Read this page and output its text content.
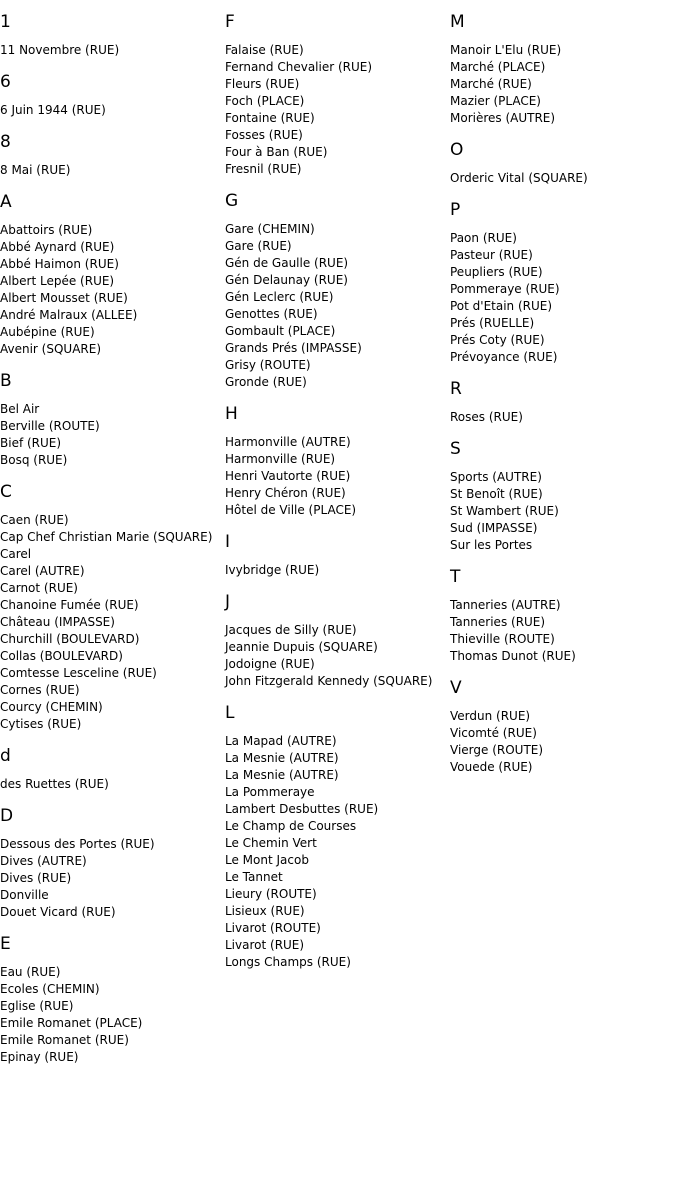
1
11 Novembre (RUE)
6
6 Juin 1944 (RUE)
8
8 Mai (RUE)
A
Abattoirs (RUE)
Abbé Aynard (RUE)
Abbé Haimon (RUE)
Albert Lepée (RUE)
Albert Mousset (RUE)
André Malraux (ALLEE)
Aubépine (RUE)
Avenir (SQUARE)
B
Bel Air
Berville (ROUTE)
Bief (RUE)
Bosq (RUE)
C
Caen (RUE)
Cap Chef Christian Marie (SQUARE)
Carel
Carel (AUTRE)
Carnot (RUE)
Chanoine Fumée (RUE)
Château (IMPASSE)
Churchill (BOULEVARD)
Collas (BOULEVARD)
Comtesse Lesceline (RUE)
Cornes (RUE)
Courcy (CHEMIN)
Cytises (RUE)
d
des Ruettes (RUE)
D
Dessous des Portes (RUE)
Dives (AUTRE)
Dives (RUE)
Donville
Douet Vicard (RUE)
E
Eau (RUE)
Ecoles (CHEMIN)
Eglise (RUE)
Emile Romanet (PLACE)
Emile Romanet (RUE)
Epinay (RUE)
F
Falaise (RUE)
Fernand Chevalier (RUE)
Fleurs (RUE)
Foch (PLACE)
Fontaine (RUE)
Fosses (RUE)
Four à Ban (RUE)
Fresnil (RUE)
G
Gare (CHEMIN)
Gare (RUE)
Gén de Gaulle (RUE)
Gén Delaunay (RUE)
Gén Leclerc (RUE)
Genottes (RUE)
Gombault (PLACE)
Grands Prés (IMPASSE)
Grisy (ROUTE)
Gronde (RUE)
H
Harmonville (AUTRE)
Harmonville (RUE)
Henri Vautorte (RUE)
Henry Chéron (RUE)
Hôtel de Ville (PLACE)
I
Ivybridge (RUE)
J
Jacques de Silly (RUE)
Jeannie Dupuis (SQUARE)
Jodoigne (RUE)
John Fitzgerald Kennedy (SQUARE)
L
La Mapad (AUTRE)
La Mesnie (AUTRE)
La Mesnie (AUTRE)
La Pommeraye
Lambert Desbuttes (RUE)
Le Champ de Courses
Le Chemin Vert
Le Mont Jacob
Le Tannet
Lieury (ROUTE)
Lisieux (RUE)
Livarot (ROUTE)
Livarot (RUE)
Longs Champs (RUE)
M
Manoir L'Elu (RUE)
Marché (PLACE)
Marché (RUE)
Mazier (PLACE)
Morières (AUTRE)
O
Orderic Vital (SQUARE)
P
Paon (RUE)
Pasteur (RUE)
Peupliers (RUE)
Pommeraye (RUE)
Pot d'Etain (RUE)
Prés (RUELLE)
Prés Coty (RUE)
Prévoyance (RUE)
R
Roses (RUE)
S
Sports (AUTRE)
St Benoît (RUE)
St Wambert (RUE)
Sud (IMPASSE)
Sur les Portes
T
Tanneries (AUTRE)
Tanneries (RUE)
Thieville (ROUTE)
Thomas Dunot (RUE)
V
Verdun (RUE)
Vicomté (RUE)
Vierge (ROUTE)
Vouede (RUE)
